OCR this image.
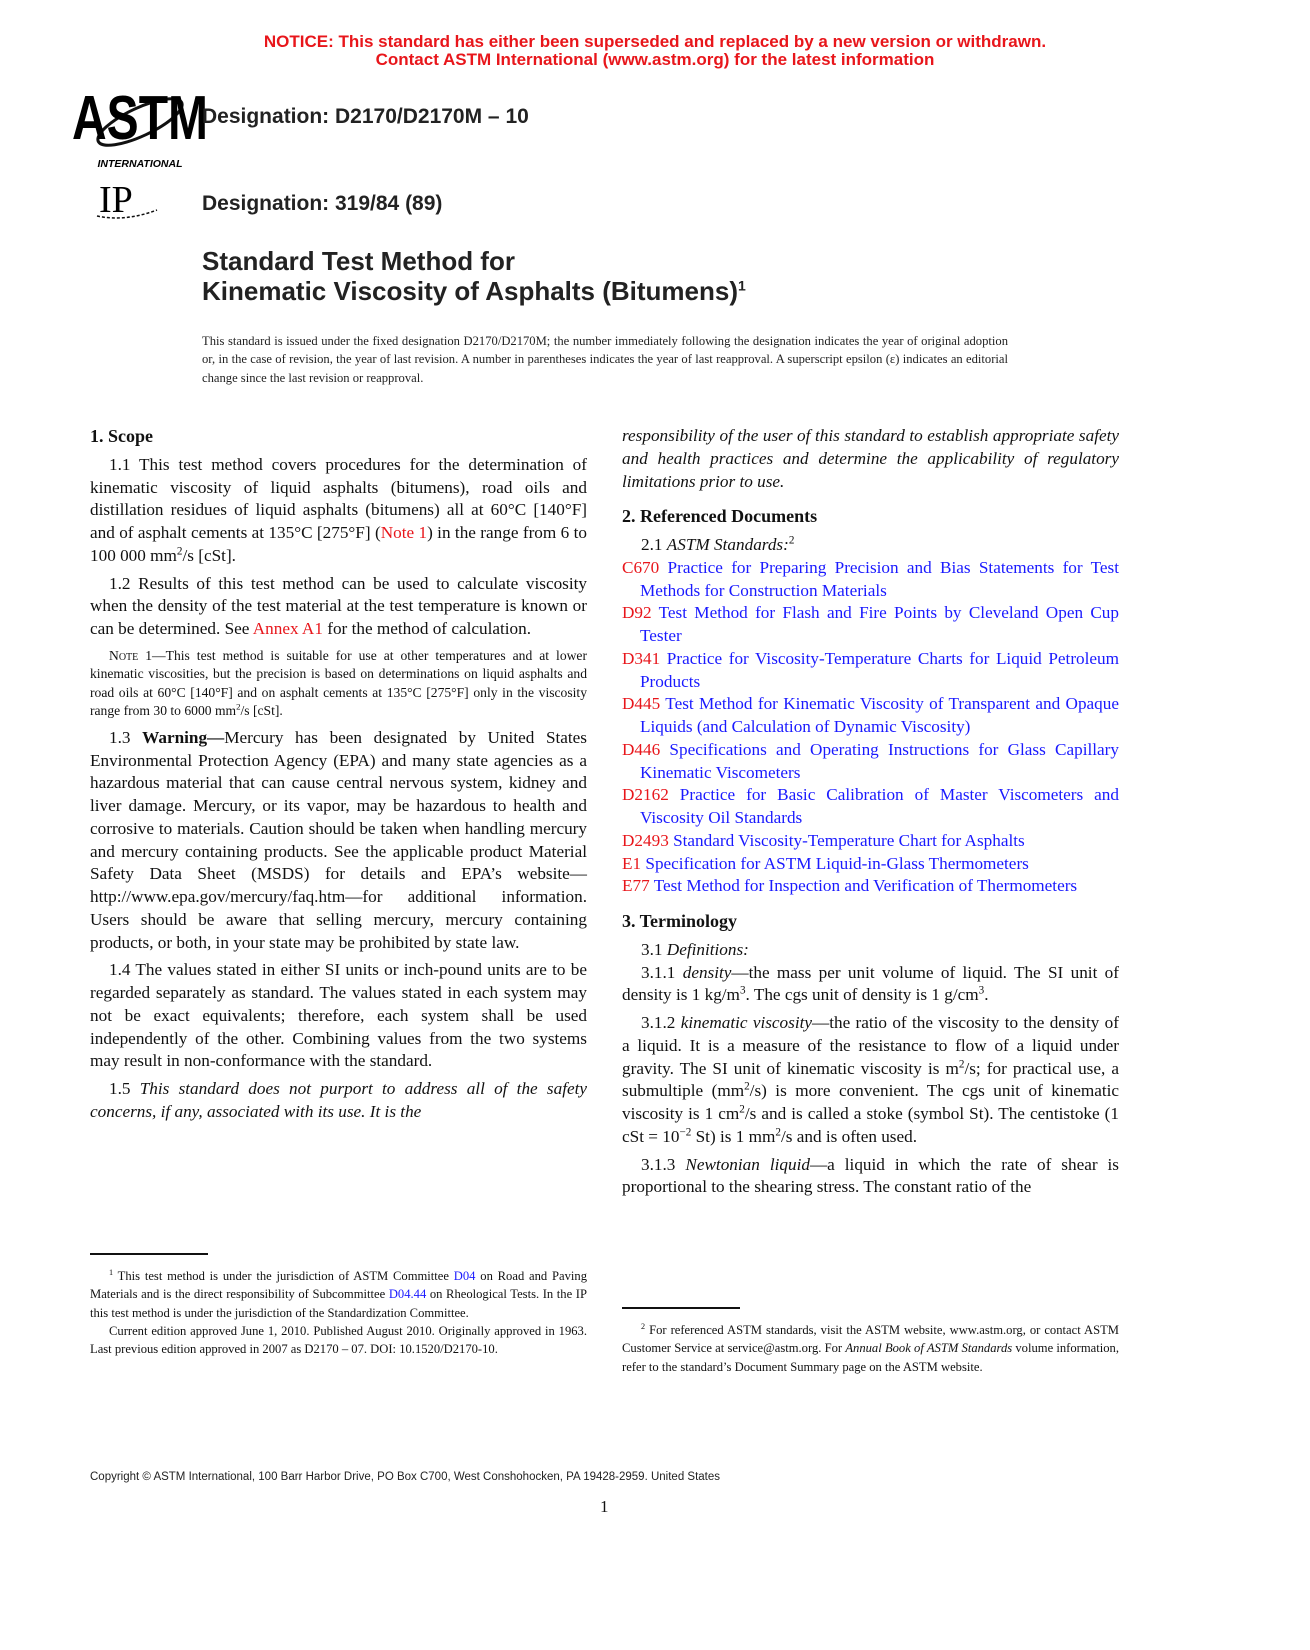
NOTICE: This standard has either been superseded and replaced by a new version or withdrawn.
Contact ASTM International (www.astm.org) for the latest information
ASTM
INTERNATIONAL
IP
Designation: D2170/D2170M – 10
Designation: 319/84 (89)
Standard Test Method for
Kinematic Viscosity of Asphalts (Bitumens)$^1$
This standard is issued under the fixed designation D2170/D2170M; the number immediately following the designation indicates the year of original adoption or, in the case of revision, the year of last revision. A number in parentheses indicates the year of last reapproval. A superscript epsilon (ε) indicates an editorial change since the last revision or reapproval.
1. Scope

1.1 This test method covers procedures for the determination of kinematic viscosity of liquid asphalts (bitumens), road oils and distillation residues of liquid asphalts (bitumens) all at 60°C [140°F] and of asphalt cements at 135°C [275°F] (Note 1) in the range from 6 to 100 000 $mm^2/s$ [cSt].

1.2 Results of this test method can be used to calculate viscosity when the density of the test material at the test temperature is known or can be determined. See Annex A1 for the method of calculation.

Note 1—This test method is suitable for use at other temperatures and at lower kinematic viscosities, but the precision is based on determinations on liquid asphalts and road oils at 60°C [140°F] and on asphalt cements at 135°C [275°F] only in the viscosity range from 30 to 6000 $mm^2/s$ [cSt].

1.3 Warning—Mercury has been designated by United States Environmental Protection Agency (EPA) and many state agencies as a hazardous material that can cause central nervous system, kidney and liver damage. Mercury, or its vapor, may be hazardous to health and corrosive to materials. Caution should be taken when handling mercury and mercury containing products. See the applicable product Material Safety Data Sheet (MSDS) for details and EPA’s website—http://www.epa.gov/mercury/faq.htm—for additional information. Users should be aware that selling mercury, mercury containing products, or both, in your state may be prohibited by state law.

1.4 The values stated in either SI units or inch-pound units are to be regarded separately as standard. The values stated in each system may not be exact equivalents; therefore, each system shall be used independently of the other. Combining values from the two systems may result in non-conformance with the standard.

1.5 This standard does not purport to address all of the safety concerns, if any, associated with its use. It is the

$^1$ This test method is under the jurisdiction of ASTM Committee D04 on Road and Paving Materials and is the direct responsibility of Subcommittee D04.44 on Rheological Tests. In the IP this test method is under the jurisdiction of the Standardization Committee.

Current edition approved June 1, 2010. Published August 2010. Originally approved in 1963. Last previous edition approved in 2007 as D2170 – 07. DOI: 10.1520/D2170-10.

responsibility of the user of this standard to establish appropriate safety and health practices and determine the applicability of regulatory limitations prior to use.

2. Referenced Documents

2.1 ASTM Standards:$^2$

C670 Practice for Preparing Precision and Bias Statements for Test Methods for Construction Materials

D92 Test Method for Flash and Fire Points by Cleveland Open Cup Tester

D341 Practice for Viscosity-Temperature Charts for Liquid Petroleum Products

D445 Test Method for Kinematic Viscosity of Transparent and Opaque Liquids (and Calculation of Dynamic Viscosity)

D446 Specifications and Operating Instructions for Glass Capillary Kinematic Viscometers

D2162 Practice for Basic Calibration of Master Viscometers and Viscosity Oil Standards

D2493 Standard Viscosity-Temperature Chart for Asphalts

E1 Specification for ASTM Liquid-in-Glass Thermometers

E77 Test Method for Inspection and Verification of Thermometers

3. Terminology

3.1 Definitions:

3.1.1 density—the mass per unit volume of liquid. The SI unit of density is 1 $kg/m^3$. The cgs unit of density is 1 $g/cm^3$.

3.1.2 kinematic viscosity—the ratio of the viscosity to the density of a liquid. It is a measure of the resistance to flow of a liquid under gravity. The SI unit of kinematic viscosity is $m^2/s$; for practical use, a submultiple $(mm^2/s)$ is more convenient. The cgs unit of kinematic viscosity is 1 $cm^2/s$ and is called a stoke (symbol St). The centistoke (1 cSt = $10^{-2}$ St) is 1 $mm^2/s$ and is often used.

3.1.3 Newtonian liquid—a liquid in which the rate of shear is proportional to the shearing stress. The constant ratio of the

$^2$ For referenced ASTM standards, visit the ASTM website, www.astm.org, or contact ASTM Customer Service at service@astm.org. For Annual Book of ASTM Standards volume information, refer to the standard’s Document Summary page on the ASTM website.

Copyright © ASTM International, 100 Barr Harbor Drive, PO Box C700, West Conshohocken, PA 19428-2959. United States
1
